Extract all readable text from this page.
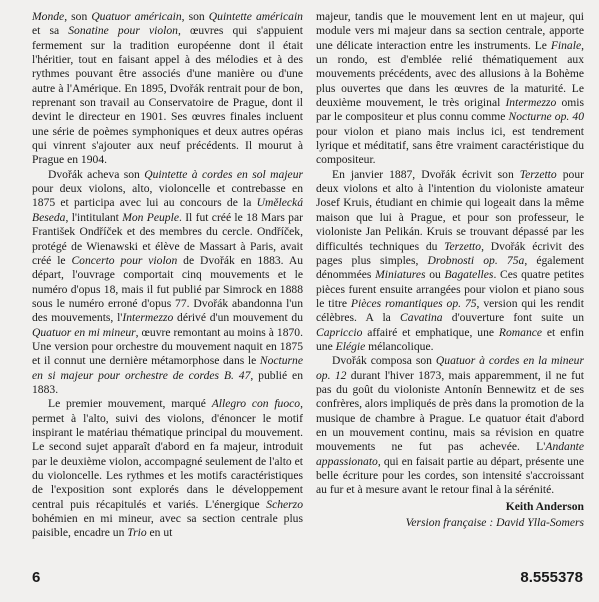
Monde, son Quatuor américain, son Quintette américain et sa Sonatine pour violon, œuvres qui s'appuient fermement sur la tradition européenne dont il était l'héritier, tout en faisant appel à des mélodies et à des rythmes pouvant être associés d'une manière ou d'une autre à l'Amérique. En 1895, Dvořák rentrait pour de bon, reprenant son travail au Conservatoire de Prague, dont il devint le directeur en 1901. Ses œuvres finales incluent une série de poèmes symphoniques et deux autres opéras qui vinrent s'ajouter aux neuf précédents. Il mourut à Prague en 1904.

Dvořák acheva son Quintette à cordes en sol majeur pour deux violons, alto, violoncelle et contrebasse en 1875 et participa avec lui au concours de la Umělecká Beseda, l'intitulant Mon Peuple. Il fut créé le 18 Mars par František Ondříček et des membres du cercle. Ondříček, protégé de Wienawski et élève de Massart à Paris, avait créé le Concerto pour violon de Dvořák en 1883. Au départ, l'ouvrage comportait cinq mouvements et le numéro d'opus 18, mais il fut publié par Simrock en 1888 sous le numéro erroné d'opus 77. Dvořák abandonna l'un des mouvements, l'Intermezzo dérivé d'un mouvement du Quatuor en mi mineur, œuvre remontant au moins à 1870. Une version pour orchestre du mouvement naquit en 1875 et il connut une dernière métamorphose dans le Nocturne en si majeur pour orchestre de cordes B. 47, publié en 1883.

Le premier mouvement, marqué Allegro con fuoco, permet à l'alto, suivi des violons, d'énoncer le motif inspirant le matériau thématique principal du mouvement. Le second sujet apparaît d'abord en fa majeur, introduit par le deuxième violon, accompagné seulement de l'alto et du violoncelle. Les rythmes et les motifs caractéristiques de l'exposition sont explorés dans le développement central puis récapitulés et variés. L'énergique Scherzo bohémien en mi mineur, avec sa section centrale plus paisible, encadre un Trio en ut

majeur, tandis que le mouvement lent en ut majeur, qui module vers mi majeur dans sa section centrale, apporte une délicate interaction entre les instruments. Le Finale, un rondo, est d'emblée relié thématiquement aux mouvements précédents, avec des allusions à la Bohème plus ouvertes que dans les œuvres de la maturité. Le deuxième mouvement, le très original Intermezzo omis par le compositeur et plus connu comme Nocturne op. 40 pour violon et piano mais inclus ici, est tendrement lyrique et méditatif, sans être vraiment caractéristique du compositeur.

En janvier 1887, Dvořák écrivit son Terzetto pour deux violons et alto à l'intention du violoniste amateur Josef Kruis, étudiant en chimie qui logeait dans la même maison que lui à Prague, et pour son professeur, le violoniste Jan Pelikán. Kruis se trouvant dépassé par les difficultés techniques du Terzetto, Dvořák écrivit des pages plus simples, Drobnosti op. 75a, également dénommées Miniatures ou Bagatelles. Ces quatre petites pièces furent ensuite arrangées pour violon et piano sous le titre Pièces romantiques op. 75, version qui les rendit célèbres. A la Cavatina d'ouverture font suite un Capriccio affairé et emphatique, une Romance et enfin une Elégie mélancolique.

Dvořák composa son Quatuor à cordes en la mineur op. 12 durant l'hiver 1873, mais apparemment, il ne fut pas du goût du violoniste Antonín Bennewitz et de ses confrères, alors impliqués de près dans la promotion de la musique de chambre à Prague. Le quatuor était d'abord en un mouvement continu, mais sa révision en quatre mouvements ne fut pas achevée. L'Andante appassionato, qui en faisait partie au départ, présente une belle écriture pour les cordes, son intensité s'accroissant au fur et à mesure avant le retour final à la sérénité.

Keith Anderson

Version française : David Ylla-Somers

6	8.555378
